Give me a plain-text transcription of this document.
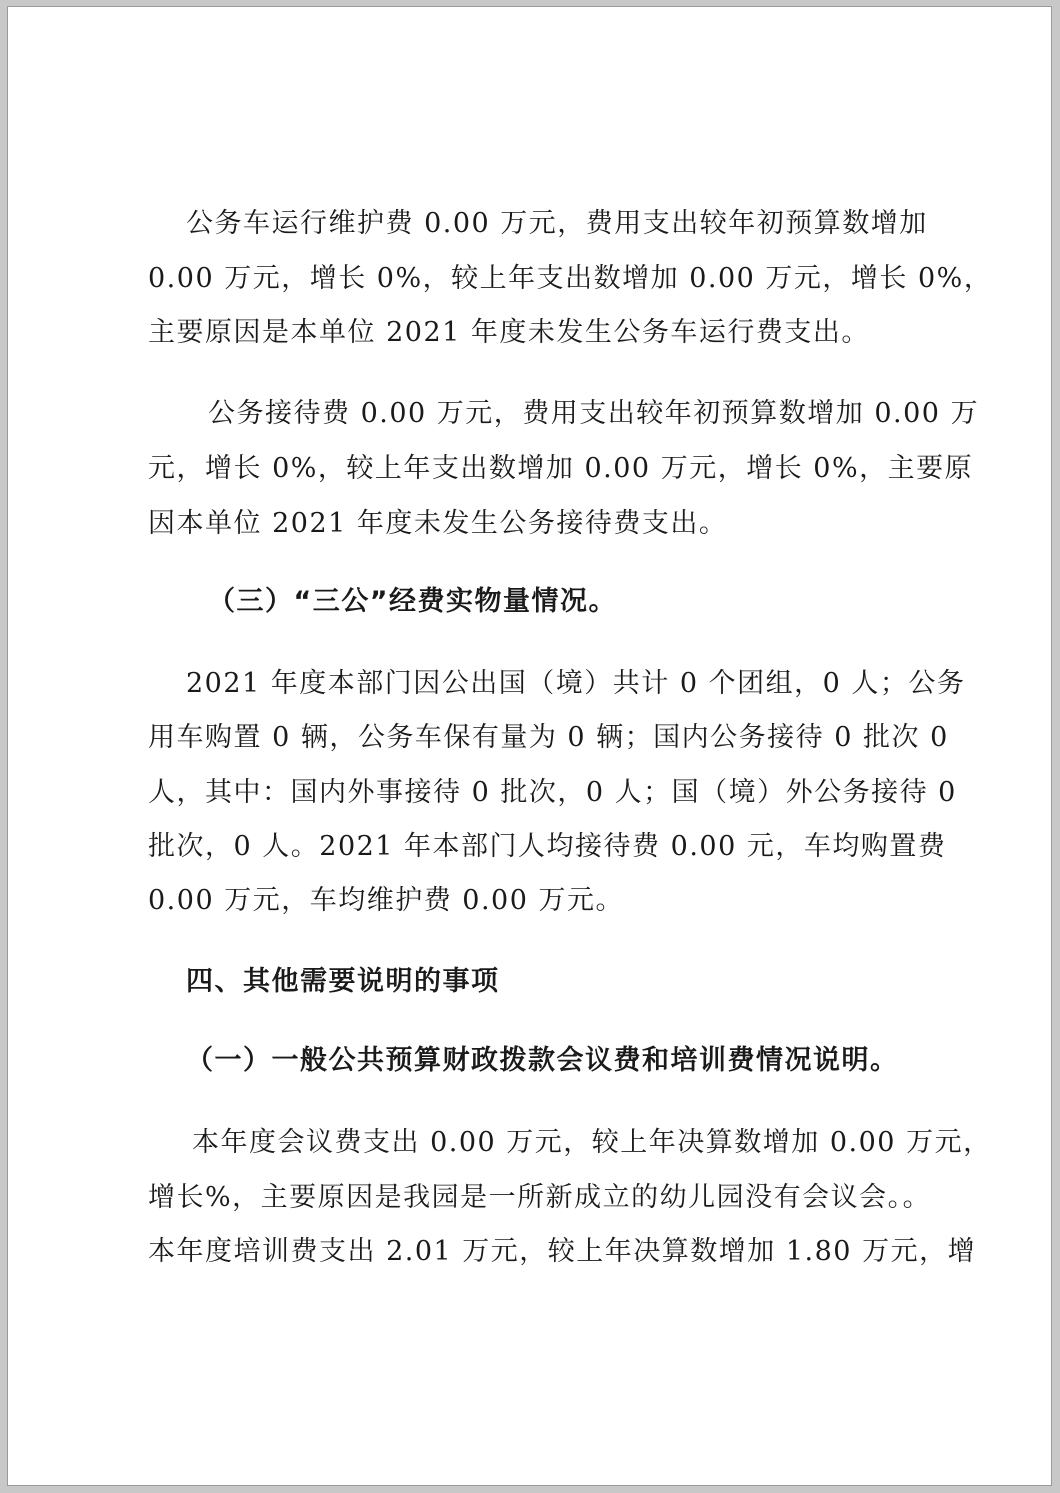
公务车运行维护费 0.00 万元，费用支出较年初预算数增加
0.00 万元，增长 0%，较上年支出数增加 0.00 万元，增长 0%，
主要原因是本单位 2021 年度未发生公务车运行费支出。
公务接待费 0.00 万元，费用支出较年初预算数增加 0.00 万
元，增长 0%，较上年支出数增加 0.00 万元，增长 0%，主要原
因本单位 2021 年度未发生公务接待费支出。
（三）“三公”经费实物量情况。
2021 年度本部门因公出国（境）共计 0 个团组，0 人；公务
用车购置 0 辆，公务车保有量为 0 辆；国内公务接待 0 批次 0
人，其中：国内外事接待 0 批次，0 人；国（境）外公务接待 0
批次，0 人。2021 年本部门人均接待费 0.00 元，车均购置费
0.00 万元，车均维护费 0.00 万元。
四、其他需要说明的事项
（一）一般公共预算财政拨款会议费和培训费情况说明。
本年度会议费支出 0.00 万元，较上年决算数增加 0.00 万元，
增长%，主要原因是我园是一所新成立的幼儿园没有会议会。。
本年度培训费支出 2.01 万元，较上年决算数增加 1.80 万元，增
